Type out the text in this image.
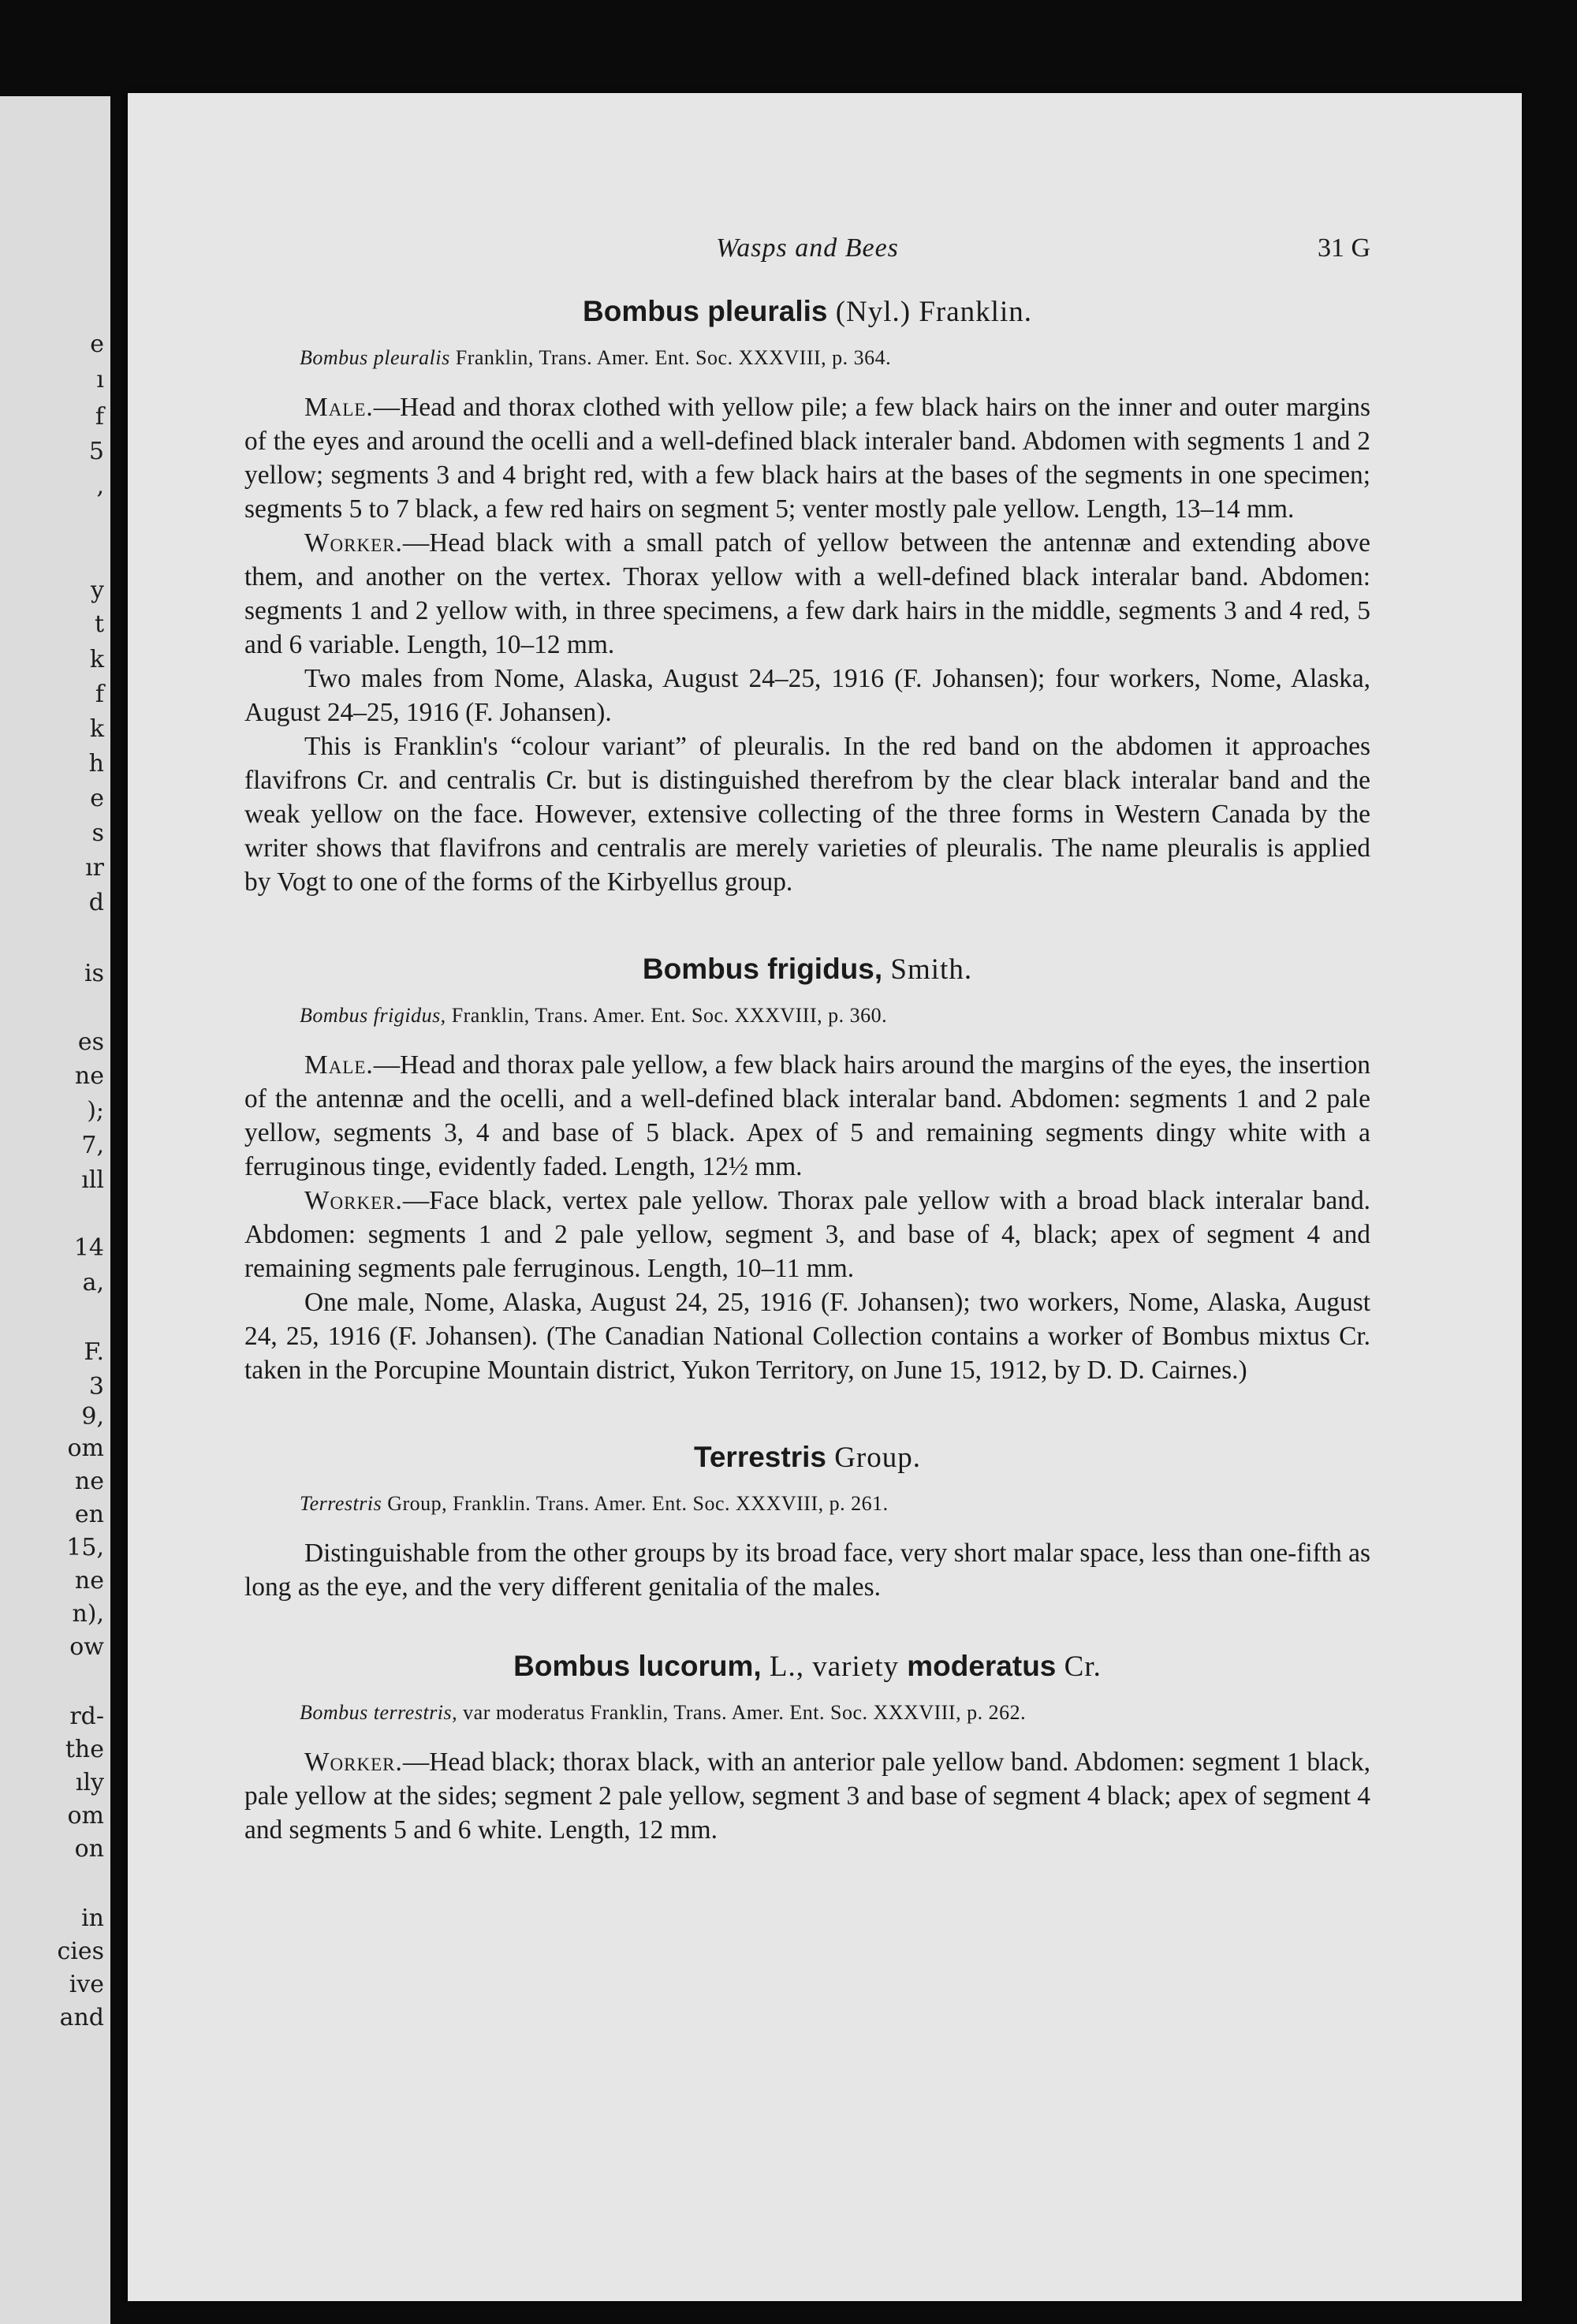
e
ı
f
5
,
y
t
k
f
k
h
e
s
ır
d
is
es
ne
);
7,
ıll
14
a,
F.
3
9,
om
ne
en
15,
ne
n),
ow
rd-
the
ıly
om
on
in
cies
ive
and
Wasps and Bees	31 G
Bombus pleuralis (Nyl.) Franklin.
Bombus pleuralis Franklin, Trans. Amer. Ent. Soc. XXXVIII, p. 364.

Male.—Head and thorax clothed with yellow pile; a few black hairs on the inner and outer margins of the eyes and around the ocelli and a well-defined black interaler band. Abdomen with segments 1 and 2 yellow; segments 3 and 4 bright red, with a few black hairs at the bases of the segments in one specimen; segments 5 to 7 black, a few red hairs on segment 5; venter mostly pale yellow. Length, 13–14 mm.

Worker.—Head black with a small patch of yellow between the antennæ and extending above them, and another on the vertex. Thorax yellow with a well-defined black interalar band. Abdomen: segments 1 and 2 yellow with, in three specimens, a few dark hairs in the middle, segments 3 and 4 red, 5 and 6 variable. Length, 10–12 mm.

Two males from Nome, Alaska, August 24–25, 1916 (F. Johansen); four workers, Nome, Alaska, August 24–25, 1916 (F. Johansen).

This is Franklin's “colour variant” of pleuralis. In the red band on the abdomen it approaches flavifrons Cr. and centralis Cr. but is distinguished therefrom by the clear black interalar band and the weak yellow on the face. However, extensive collecting of the three forms in Western Canada by the writer shows that flavifrons and centralis are merely varieties of pleuralis. The name pleuralis is applied by Vogt to one of the forms of the Kirbyellus group.

Bombus frigidus, Smith.
Bombus frigidus, Franklin, Trans. Amer. Ent. Soc. XXXVIII, p. 360.

Male.—Head and thorax pale yellow, a few black hairs around the margins of the eyes, the insertion of the antennæ and the ocelli, and a well-defined black interalar band. Abdomen: segments 1 and 2 pale yellow, segments 3, 4 and base of 5 black. Apex of 5 and remaining segments dingy white with a ferruginous tinge, evidently faded. Length, 12½ mm.

Worker.—Face black, vertex pale yellow. Thorax pale yellow with a broad black interalar band. Abdomen: segments 1 and 2 pale yellow, segment 3, and base of 4, black; apex of segment 4 and remaining segments pale ferruginous. Length, 10–11 mm.

One male, Nome, Alaska, August 24, 25, 1916 (F. Johansen); two workers, Nome, Alaska, August 24, 25, 1916 (F. Johansen). (The Canadian National Collection contains a worker of Bombus mixtus Cr. taken in the Porcupine Mountain district, Yukon Territory, on June 15, 1912, by D. D. Cairnes.)

Terrestris Group.
Terrestris Group, Franklin. Trans. Amer. Ent. Soc. XXXVIII, p. 261.

Distinguishable from the other groups by its broad face, very short malar space, less than one-fifth as long as the eye, and the very different genitalia of the males.

Bombus lucorum, L., variety moderatus Cr.
Bombus terrestris, var moderatus Franklin, Trans. Amer. Ent. Soc. XXXVIII, p. 262.

Worker.—Head black; thorax black, with an anterior pale yellow band. Abdomen: segment 1 black, pale yellow at the sides; segment 2 pale yellow, segment 3 and base of segment 4 black; apex of segment 4 and segments 5 and 6 white. Length, 12 mm.
